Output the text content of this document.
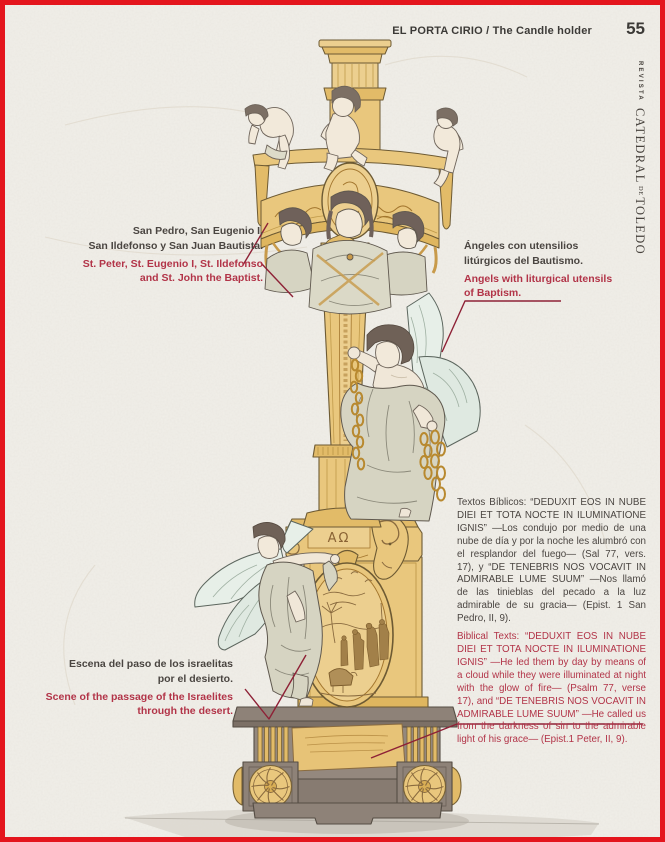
AΩ
EL PORTA CIRIO / The Candle holder 55
REVISTACATEDRALDETOLEDO
San Pedro, San Eugenio I,
San Ildefonso y San Juan Bautista.
St. Peter, St. Eugenio I, St. Ildefonso
and St. John the Baptist.
Ángeles con utensilios
litúrgicos del Bautismo.
Angels with liturgical utensils
of Baptism.
Textos Bíblicos: “DEDUXIT EOS IN NUBE DIEI ET TOTA NOCTE IN ILUMINATIONE IGNIS” —Los condujo por medio de una nube de día y por la noche les alumbró con el resplandor del fuego— (Sal 77, vers. 17), y “DE TENEBRIS NOS VOCAVIT IN ADMIRABLE LUME SUUM” —Nos llamó de las tinieblas del pecado a la luz admirable de su gracia— (Epist. 1 San Pedro, II, 9).
Biblical Texts: “DEDUXIT EOS IN NUBE DIEI ET TOTA NOCTE IN ILUMINATIONE IGNIS” —He led them by day by means of a cloud while they were illuminated at night with the glow of fire— (Psalm 77, verse 17), and “DE TENEBRIS NOS VOCAVIT IN ADMIRABLE LUME SUUM” —He called us from the darkness of sin to the admirable light of his grace— (Epist.1 Peter, II, 9).
Escena del paso de los israelitas
por el desierto.
Scene of the passage of the Israelites
through the desert.
